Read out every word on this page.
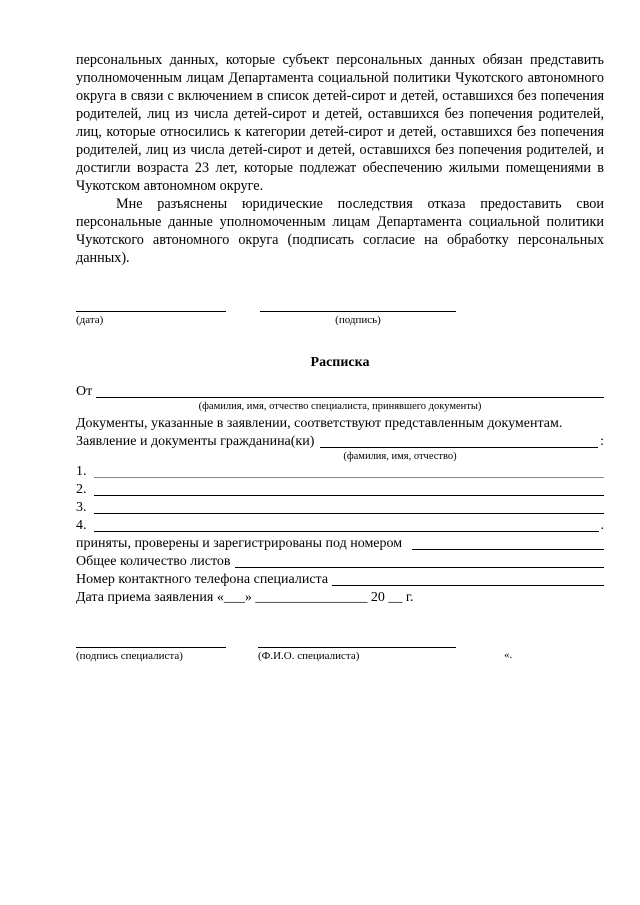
персональных данных, которые субъект персональных данных обязан представить уполномоченным лицам Департамента социальной политики Чукотского автономного округа в связи с включением в список детей-сирот и детей, оставшихся без попечения родителей, лиц из числа детей-сирот и детей, оставшихся без попечения родителей, лиц, которые относились к категории детей-сирот и детей, оставшихся без попечения родителей, лиц из числа детей-сирот и детей, оставшихся без попечения родителей, и достигли возраста 23 лет, которые подлежат обеспечению жилыми помещениями в Чукотском автономном округе.

Мне разъяснены юридические последствия отказа предоставить свои персональные данные уполномоченным лицам Департамента социальной политики Чукотского автономного округа (подписать согласие на обработку персональных данных).

(дата)	(подпись)
Расписка
От
(фамилия, имя, отчество специалиста, принявшего документы)
Документы, указанные в заявлении, соответствуют представленным документам.
Заявление и документы гражданина(ки)	:
(фамилия, имя, отчество)
1.
2.
3.
4.	.
приняты, проверены и зарегистрированы под номером
Общее количество листов
Номер контактного телефона специалиста
Дата приема заявления «___» ________________ 20 __ г.
(подпись специалиста)	(Ф.И.О. специалиста)	«.
